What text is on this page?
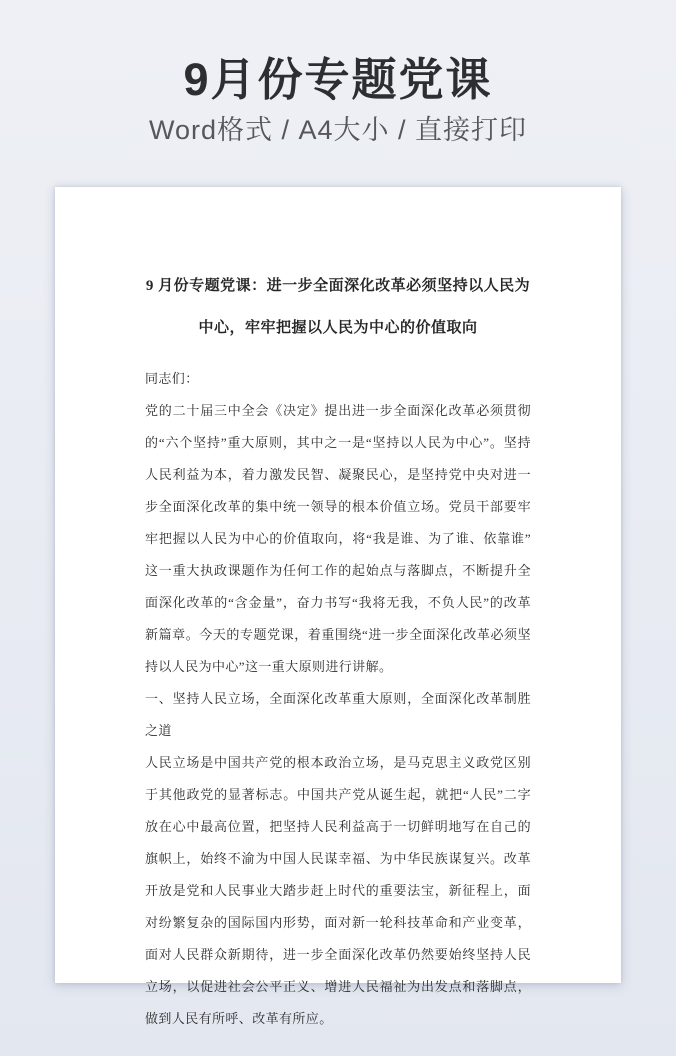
9月份专题党课
Word格式 / A4大小 / 直接打印
9 月份专题党课：进一步全面深化改革必须坚持以人民为中心，牢牢把握以人民为中心的价值取向

同志们：

党的二十届三中全会《决定》提出进一步全面深化改革必须贯彻的“六个坚持”重大原则，其中之一是“坚持以人民为中心”。坚持人民利益为本，着力激发民智、凝聚民心，是坚持党中央对进一步全面深化改革的集中统一领导的根本价值立场。党员干部要牢牢把握以人民为中心的价值取向，将“我是谁、为了谁、依靠谁”这一重大执政课题作为任何工作的起始点与落脚点，不断提升全面深化改革的“含金量”，奋力书写“我将无我，不负人民”的改革新篇章。今天的专题党课，着重围绕“进一步全面深化改革必须坚持以人民为中心”这一重大原则进行讲解。

一、坚持人民立场，全面深化改革重大原则，全面深化改革制胜之道

人民立场是中国共产党的根本政治立场，是马克思主义政党区别于其他政党的显著标志。中国共产党从诞生起，就把“人民”二字放在心中最高位置，把坚持人民利益高于一切鲜明地写在自己的旗帜上，始终不渝为中国人民谋幸福、为中华民族谋复兴。改革开放是党和人民事业大踏步赶上时代的重要法宝，新征程上，面对纷繁复杂的国际国内形势，面对新一轮科技革命和产业变革，面对人民群众新期待，进一步全面深化改革仍然要始终坚持人民立场，以促进社会公平正义、增进人民福祉为出发点和落脚点，做到人民有所呼、改革有所应。
